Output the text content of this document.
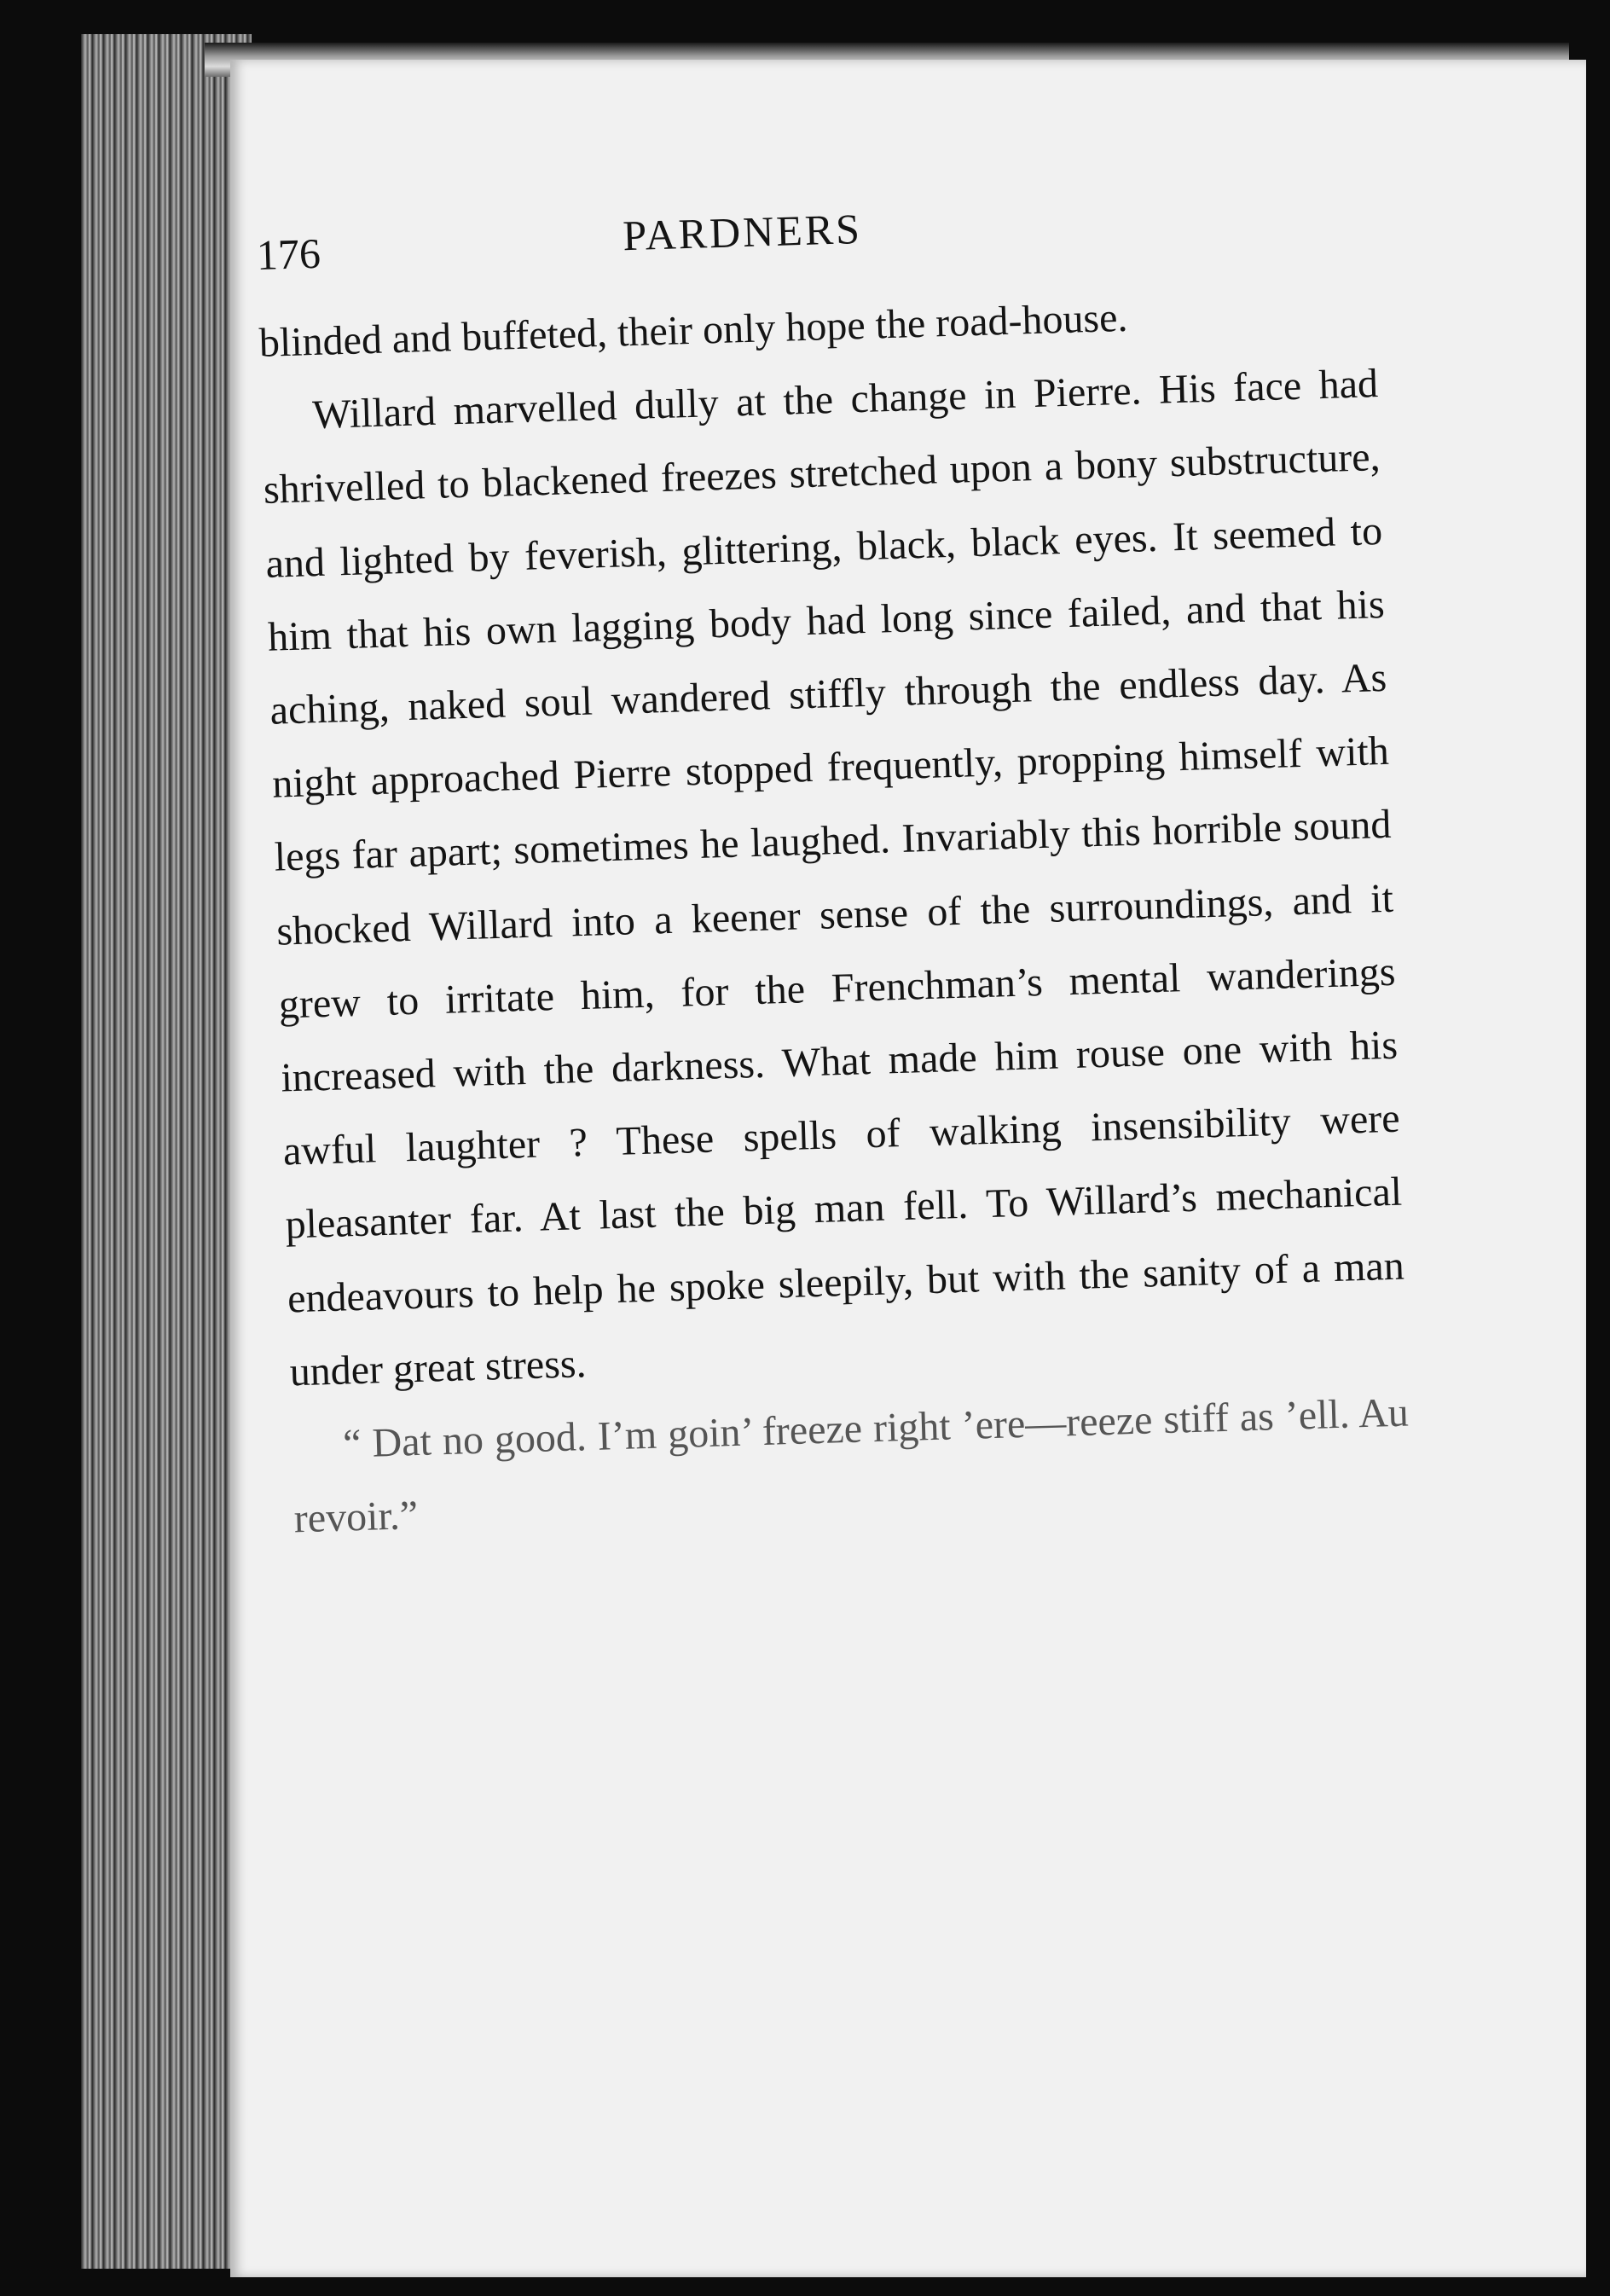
176	PARDNERS

blinded and buffeted, their only hope the road-house.

Willard marvelled dully at the change in Pierre. His face had shrivelled to blackened freezes stretched upon a bony substructure, and lighted by feverish, glittering, black, black eyes. It seemed to him that his own lagging body had long since failed, and that his aching, naked soul wandered stiffly through the endless day. As night approached Pierre stopped frequently, propping himself with legs far apart; sometimes he laughed. Invariably this horrible sound shocked Willard into a keener sense of the surroundings, and it grew to irritate him, for the Frenchman’s mental wanderings increased with the darkness. What made him rouse one with his awful laughter ? These spells of walking insensibility were pleasanter far. At last the big man fell. To Willard’s mechanical endeavours to help he spoke sleepily, but with the sanity of a man under great stress.

“ Dat no good. I’m goin’ freeze right ’ere—reeze stiff as ’ell. Au revoir.”
